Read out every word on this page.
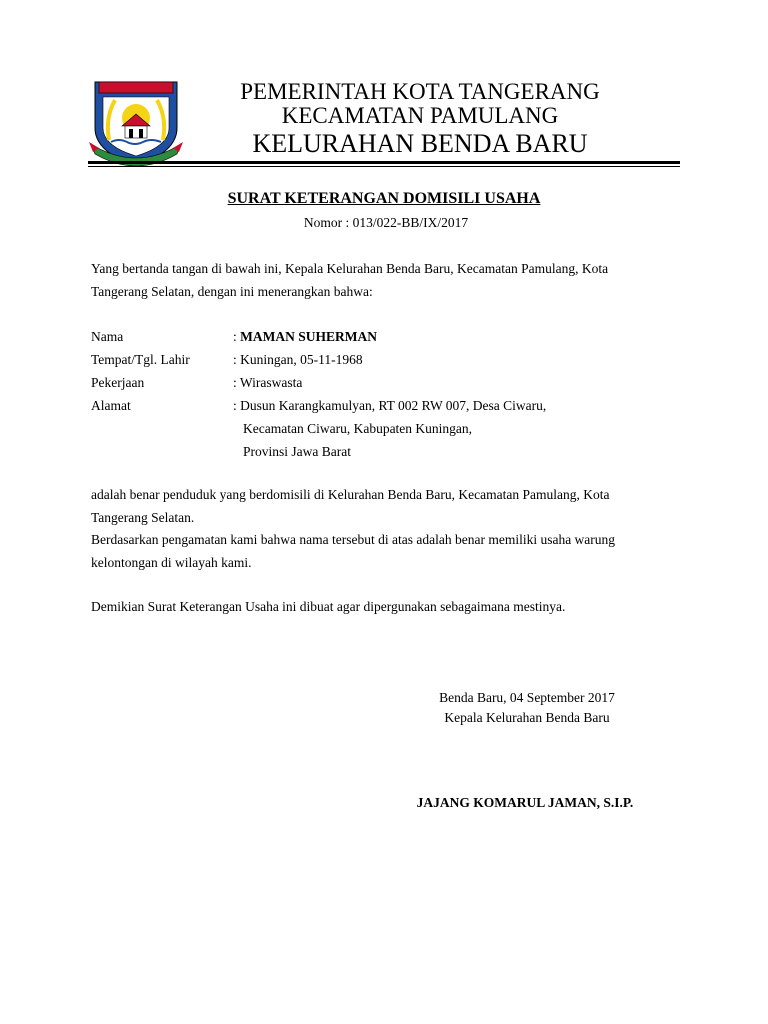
PEMERINTAH KOTA TANGERANG
KECAMATAN PAMULANG
KELURAHAN BENDA BARU
SURAT KETERANGAN DOMISILI USAHA
Nomor : 013/022-BB/IX/2017
Yang bertanda tangan di bawah ini, Kepala Kelurahan Benda Baru, Kecamatan Pamulang, Kota
Tangerang Selatan, dengan ini menerangkan bahwa:
Nama	: MAMAN SUHERMAN
Tempat/Tgl. Lahir	: Kuningan, 05-11-1968
Pekerjaan	: Wiraswasta
Alamat	: Dusun Karangkamulyan, RT 002 RW 007, Desa Ciwaru,
Kecamatan Ciwaru, Kabupaten Kuningan,
Provinsi Jawa Barat
adalah benar penduduk yang berdomisili di Kelurahan Benda Baru, Kecamatan Pamulang, Kota
Tangerang Selatan.
Berdasarkan pengamatan kami bahwa nama tersebut di atas adalah benar memiliki usaha warung
kelontongan di wilayah kami.
Demikian Surat Keterangan Usaha ini dibuat agar dipergunakan sebagaimana mestinya.
Benda Baru, 04 September 2017
Kepala Kelurahan Benda Baru
JAJANG KOMARUL JAMAN, S.I.P.
